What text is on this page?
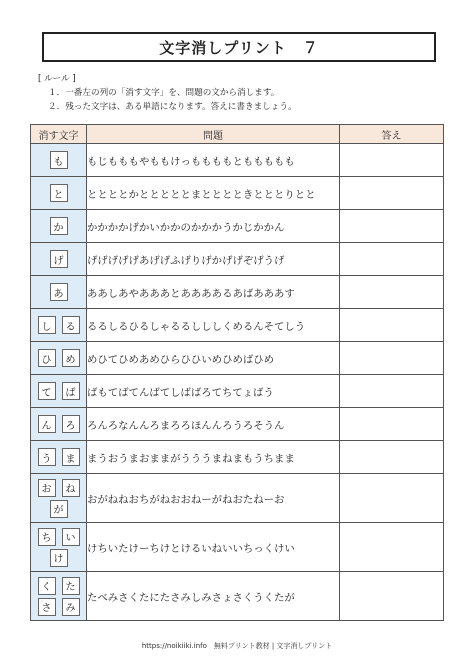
文字消しプリント　７
[ ルール ]
１．一番左の列の「消す文字」を、問題の文から消します。
２．残った文字は、ある単語になります。答えに書きましょう。
消す文字	問題	答え

も	もじもももやももけっももももとももももも	

と	ととととかとととととまとととときとととりとと	

か	かかかかげかいかかのかかかうかじかかん	

げ	げげげげげあげげふげりげかげげぞげうげ	

あ	ああしあやあああとああああるあばあああす	

し る	るるしるひるしゃるるしししくめるんそてしう	

ひ め	めひてひめあめひらひひいめひめばひめ	

て ば	ばもてばてんばてしばばろてちてょばう	

ん ろ	ろんろなんんろまろろほんんろうろそうん	

う ま	まうおうまおままがうううまねまもうちまま	

お ね
が	おがねねおちがねおおねーがねおたねーお	

ち い
け	けちいたけーちけとけるいねいいちっくけい	

く た
さ み	たべみさくたにたさみしみさょさくうくたが	
https://noikiiki.info　無料プリント教材 | 文字消しプリント
